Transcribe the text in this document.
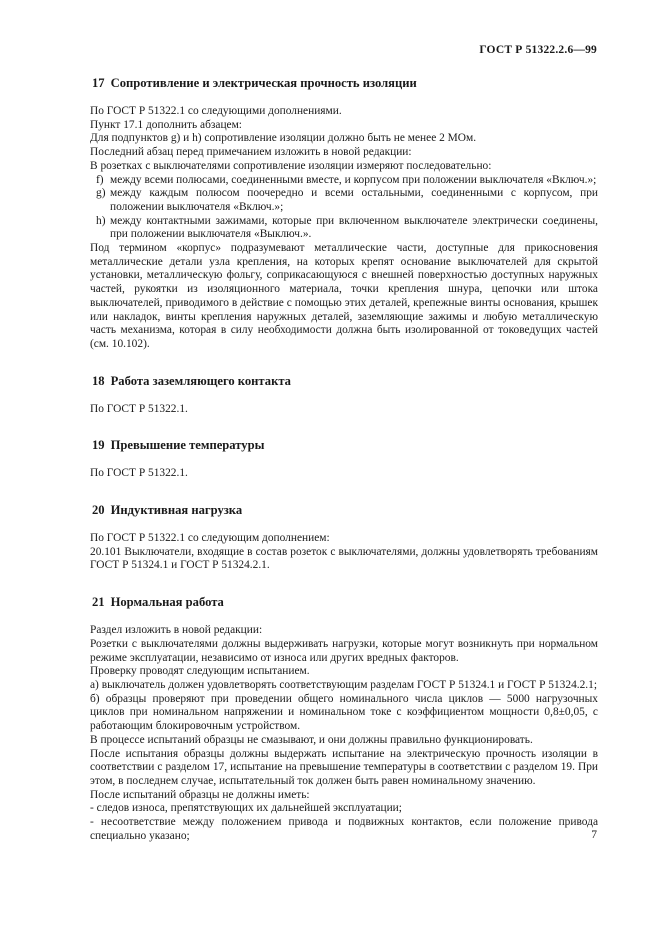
ГОСТ Р 51322.2.6—99
17 Сопротивление и электрическая прочность изоляции

По ГОСТ Р 51322.1 со следующими дополнениями.

Пункт 17.1 дополнить абзацем:

Для подпунктов g) и h) сопротивление изоляции должно быть не менее 2 МОм.

Последний абзац перед примечанием изложить в новой редакции:

В розетках с выключателями сопротивление изоляции измеряют последовательно:

f) между всеми полюсами, соединенными вместе, и корпусом при положении выключателя «Включ.»;

g) между каждым полюсом поочередно и всеми остальными, соединенными с корпусом, при положении выключателя «Включ.»;

h) между контактными зажимами, которые при включенном выключателе электрически соединены, при положении выключателя «Выключ.».

Под термином «корпус» подразумевают металлические части, доступные для прикосновения металлические детали узла крепления, на которых крепят основание выключателей для скрытой установки, металлическую фольгу, соприкасающуюся с внешней поверхностью доступных наружных частей, рукоятки из изоляционного материала, точки крепления шнура, цепочки или штока выключателей, приводимого в действие с помощью этих деталей, крепежные винты основания, крышек или накладок, винты крепления наружных деталей, заземляющие зажимы и любую металлическую часть механизма, которая в силу необходимости должна быть изолированной от токоведущих частей (см. 10.102).

18 Работа заземляющего контакта

По ГОСТ Р 51322.1.

19 Превышение температуры

По ГОСТ Р 51322.1.

20 Индуктивная нагрузка

По ГОСТ Р 51322.1 со следующим дополнением:

20.101 Выключатели, входящие в состав розеток с выключателями, должны удовлетворять требованиям ГОСТ Р 51324.1 и ГОСТ Р 51324.2.1.

21 Нормальная работа

Раздел изложить в новой редакции:

Розетки с выключателями должны выдерживать нагрузки, которые могут возникнуть при нормальном режиме эксплуатации, независимо от износа или других вредных факторов.

Проверку проводят следующим испытанием.

а) выключатель должен удовлетворять соответствующим разделам ГОСТ Р 51324.1 и ГОСТ Р 51324.2.1;

б) образцы проверяют при проведении общего номинального числа циклов — 5000 нагрузочных циклов при номинальном напряжении и номинальном токе с коэффициентом мощности 0,8±0,05, с работающим блокировочным устройством.

В процессе испытаний образцы не смазывают, и они должны правильно функционировать.

После испытания образцы должны выдержать испытание на электрическую прочность изоляции в соответствии с разделом 17, испытание на превышение температуры в соответствии с разделом 19. При этом, в последнем случае, испытательный ток должен быть равен номинальному значению.

После испытаний образцы не должны иметь:

- следов износа, препятствующих их дальнейшей эксплуатации;

- несоответствие между положением привода и подвижных контактов, если положение привода специально указано;	7
